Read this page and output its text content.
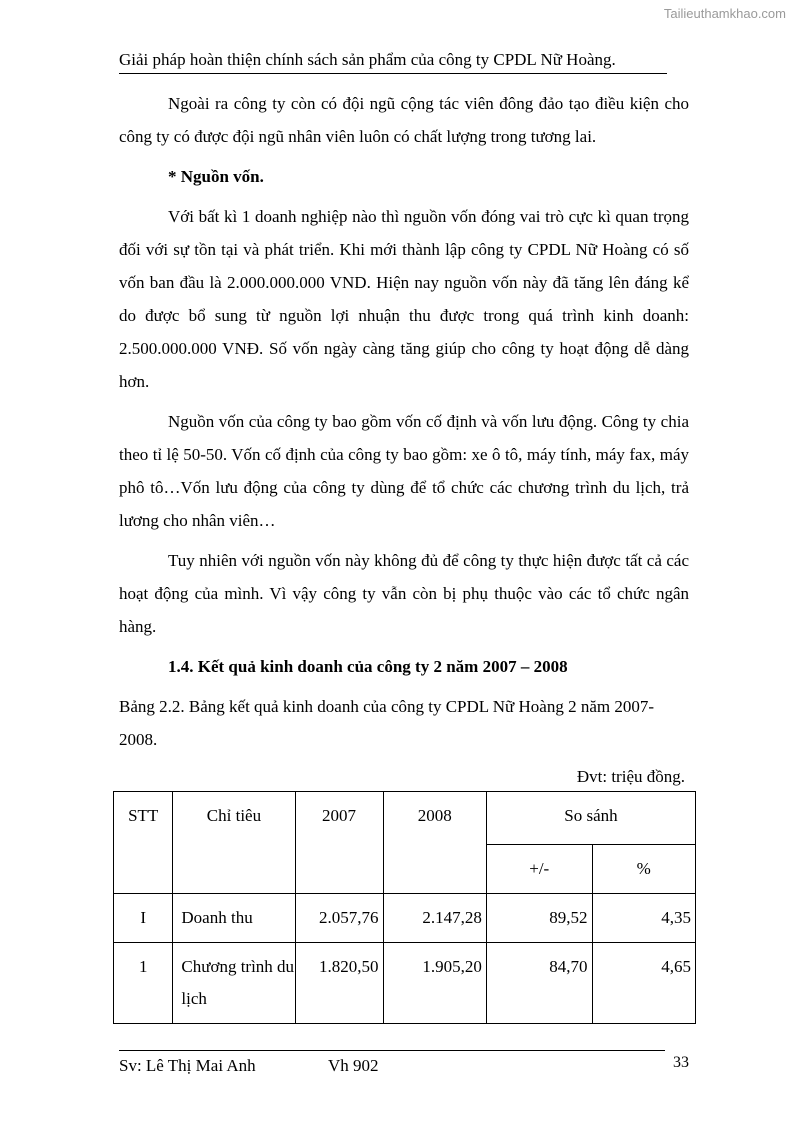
Tailieuthamkhao.com
Giải pháp hoàn thiện chính sách sản phẩm của công ty CPDL Nữ Hoàng.

Ngoài ra công ty còn có đội ngũ cộng tác viên đông đảo tạo điều kiện cho công ty có được đội ngũ nhân viên luôn có chất lượng trong tương lai.

* Nguồn vốn.

Với bất kì 1 doanh nghiệp nào thì nguồn vốn đóng vai trò cực kì quan trọng đối với sự tồn tại và phát triển. Khi mới thành lập công ty CPDL Nữ Hoàng có số vốn ban đầu là 2.000.000.000 VND. Hiện nay nguồn vốn này đã tăng lên đáng kể do được bổ sung từ nguồn lợi nhuận thu được trong quá trình kinh doanh: 2.500.000.000 VNĐ. Số vốn ngày càng tăng giúp cho công ty hoạt động dễ dàng hơn.

Nguồn vốn của công ty bao gồm vốn cố định và vốn lưu động. Công ty chia theo tỉ lệ 50-50. Vốn cố định của công ty bao gồm: xe ô tô, máy tính, máy fax, máy phô tô…Vốn lưu động của công ty dùng để tổ chức các chương trình du lịch, trả lương cho nhân viên…

Tuy nhiên với nguồn vốn này không đủ để công ty thực hiện được tất cả các hoạt động của mình. Vì vậy công ty vẫn còn bị phụ thuộc vào các tổ chức ngân hàng.

1.4. Kết quả kinh doanh của công ty 2 năm 2007 – 2008

Bảng 2.2. Bảng kết quả kinh doanh của công ty CPDL Nữ Hoàng 2 năm 2007-2008.

Đvt: triệu đồng.

STT	Chỉ tiêu	2007	2008	So sánh	
				+/-	%
I	Doanh thu	2.057,76	2.147,28	89,52	4,35
1	Chương trình du lịch	1.820,50	1.905,20	84,70	4,65
Sv: Lê Thị Mai Anh	Vh 902	33
